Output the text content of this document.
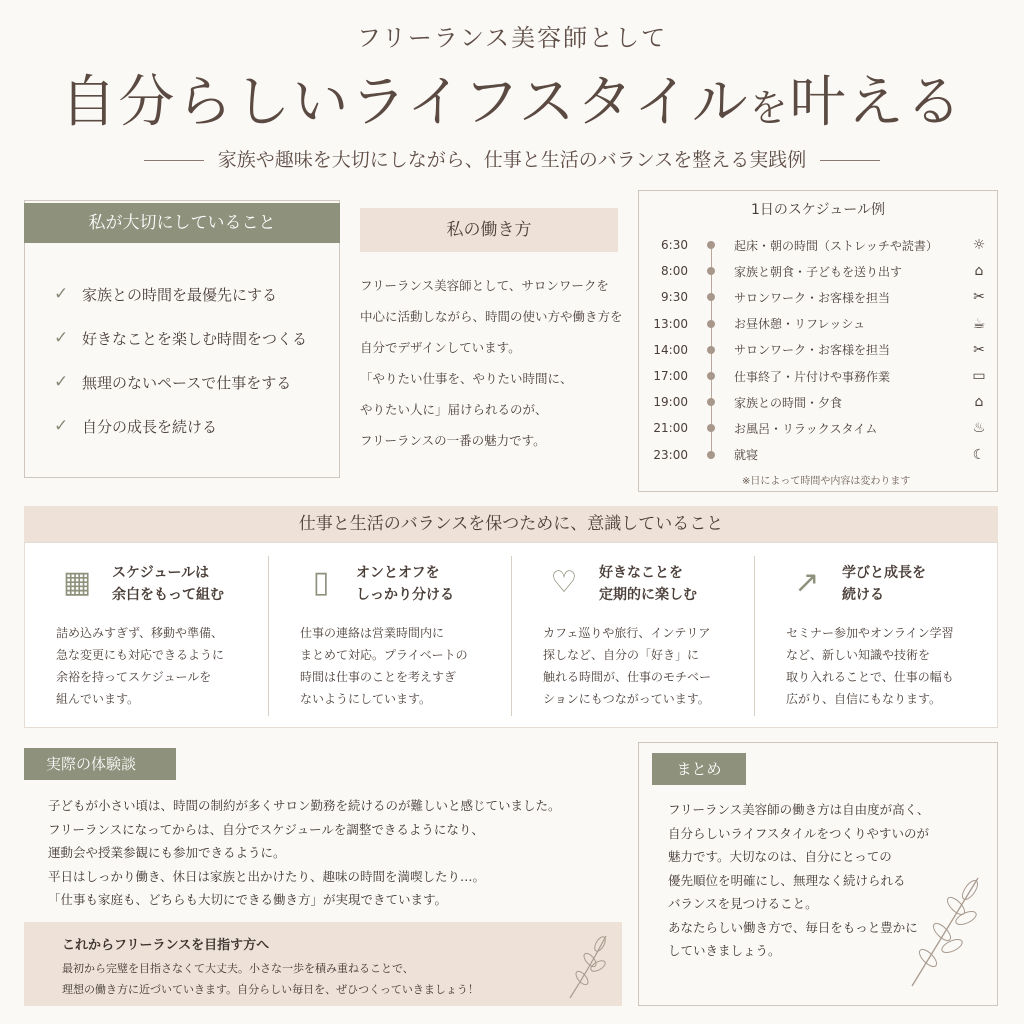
フリーランス美容師として
自分らしいライフスタイルを叶える
家族や趣味を大切にしながら、仕事と生活のバランスを整える実践例
私が大切にしていること
✓ 家族との時間を最優先にする
✓ 好きなことを楽しむ時間をつくる
✓ 無理のないペースで仕事をする
✓ 自分の成長を続ける
私の働き方
フリーランス美容師として、サロンワークを
中心に活動しながら、時間の使い方や働き方を
自分でデザインしています。
「やりたい仕事を、やりたい時間に、
やりたい人に」届けられるのが、
フリーランスの一番の魅力です。
1日のスケジュール例
6:30	起床・朝の時間（ストレッチや読書）	☼
8:00	家族と朝食・子どもを送り出す	⌂
9:30	サロンワーク・お客様を担当	✂
13:00	お昼休憩・リフレッシュ	☕
14:00	サロンワーク・お客様を担当	✂
17:00	仕事終了・片付けや事務作業	▭
19:00	家族との時間・夕食	⌂
21:00	お風呂・リラックスタイム	♨
23:00	就寝	☾
※日によって時間や内容は変わります
仕事と生活のバランスを保つために、意識していること
▦ スケジュールは
余白をもって組む
詰め込みすぎず、移動や準備、
急な変更にも対応できるように
余裕を持ってスケジュールを
組んでいます。
▯	オンとオフを
しっかり分ける
仕事の連絡は営業時間内に
まとめて対応。プライベートの
時間は仕事のことを考えすぎ
ないようにしています。
♡ 好きなことを
定期的に楽しむ
カフェ巡りや旅行、インテリア
探しなど、自分の「好き」に
触れる時間が、仕事のモチベー
ションにもつながっています。
↗	学びと成長を
続ける
セミナー参加やオンライン学習
など、新しい知識や技術を
取り入れることで、仕事の幅も
広がり、自信にもなります。
実際の体験談
子どもが小さい頃は、時間の制約が多くサロン勤務を続けるのが難しいと感じていました。
フリーランスになってからは、自分でスケジュールを調整できるようになり、
運動会や授業参観にも参加できるように。
平日はしっかり働き、休日は家族と出かけたり、趣味の時間を満喫したり…。
「仕事も家庭も、どちらも大切にできる働き方」が実現できています。
これからフリーランスを目指す方へ
最初から完璧を目指さなくて大丈夫。小さな一歩を積み重ねることで、
理想の働き方に近づいていきます。自分らしい毎日を、ぜひつくっていきましょう！
まとめ
フリーランス美容師の働き方は自由度が高く、
自分らしいライフスタイルをつくりやすいのが
魅力です。大切なのは、自分にとっての
優先順位を明確にし、無理なく続けられる
バランスを見つけること。
あなたらしい働き方で、毎日をもっと豊かに
していきましょう。
